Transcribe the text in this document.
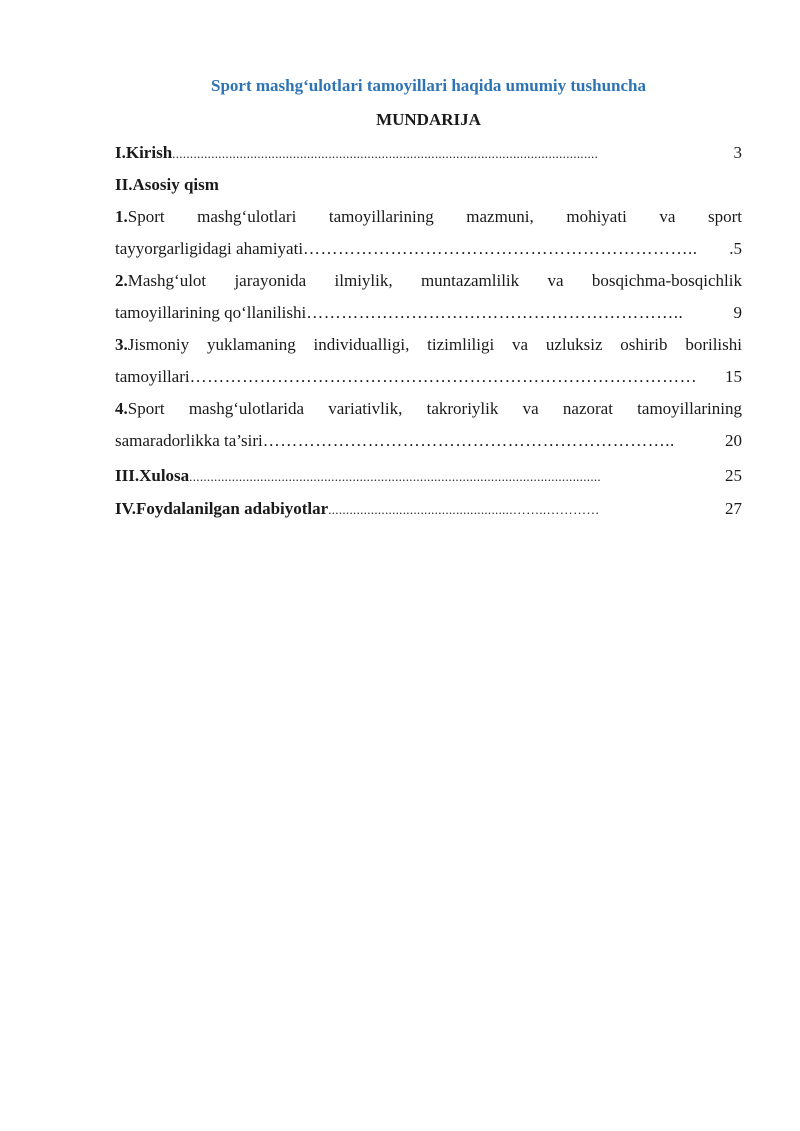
Sport mashg‘ulotlari tamoyillari haqida umumiy tushuncha
MUNDARIJA
I.Kirish ........................................................................................................................	3
II.Asosiy qism
1.Sport mashg‘ulotlari tamoyillarining mazmuni, mohiyati va sport
tayyorgarligidagi ahamiyati …………………………………………………………..	.5
2.Mashg‘ulot jarayonida ilmiylik, muntazamlilik va bosqichma-bosqichlik
tamoyillarining qo‘llanilishi ………………………………………………………..	9
3.Jismoniy yuklamaning individualligi, tizimliligi va uzluksiz oshirib borilishi
tamoyillari ……………………………………………………………………………	15
4.Sport mashg‘ulotlarida variativlik, takroriylik va nazorat tamoyillarining
samaradorlikka ta’siri ……………………………………………………………..	20
III.Xulosa ....................................................................................................................	25
IV.Foydalanilgan adabiyotlar ....................................................……..…………	27
